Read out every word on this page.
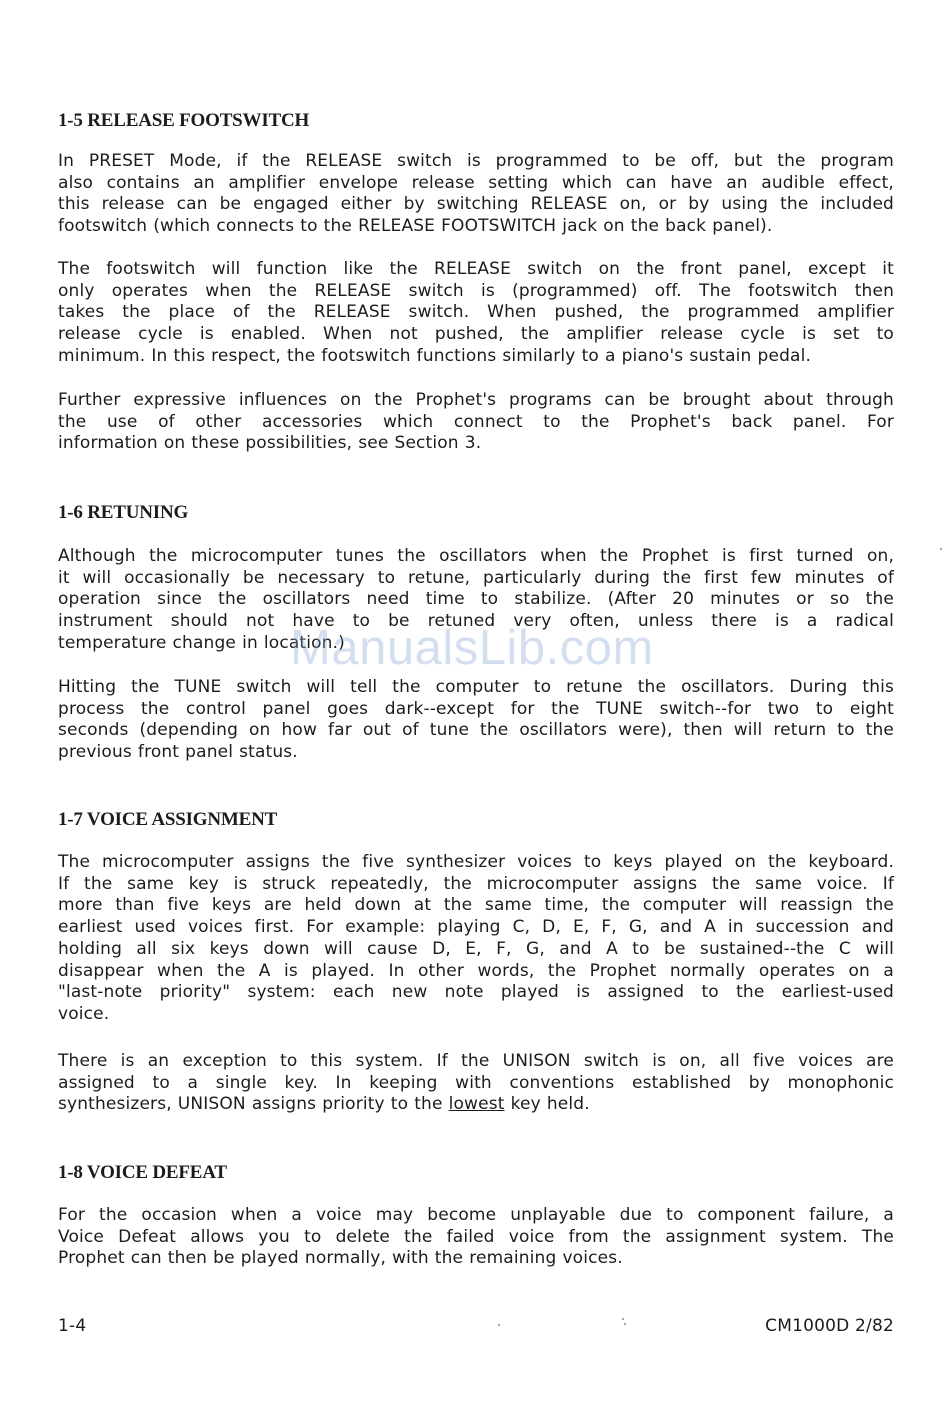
1-5 RELEASE FOOTSWITCH

In PRESET Mode, if the RELEASE switch is programmed to be off, but the program
also contains an amplifier envelope release setting which can have an audible effect,
this release can be engaged either by switching RELEASE on, or by using the included
footswitch (which connects to the RELEASE FOOTSWITCH jack on the back panel).

The footswitch will function like the RELEASE switch on the front panel, except it
only operates when the RELEASE switch is (programmed) off. The footswitch then
takes the place of the RELEASE switch. When pushed, the programmed amplifier
release cycle is enabled. When not pushed, the amplifier release cycle is set to
minimum. In this respect, the footswitch functions similarly to a piano's sustain pedal.

Further expressive influences on the Prophet's programs can be brought about through
the use of other accessories which connect to the Prophet's back panel. For
information on these possibilities, see Section 3.

1-6 RETUNING

Although the microcomputer tunes the oscillators when the Prophet is first turned on,
it will occasionally be necessary to retune, particularly during the first few minutes of
operation since the oscillators need time to stabilize. (After 20 minutes or so the
instrument should not have to be retuned very often, unless there is a radical
temperature change in location.)

Hitting the TUNE switch will tell the computer to retune the oscillators. During this
process the control panel goes dark--except for the TUNE switch--for two to eight
seconds (depending on how far out of tune the oscillators were), then will return to the
previous front panel status.

1-7 VOICE ASSIGNMENT

The microcomputer assigns the five synthesizer voices to keys played on the keyboard.
If the same key is struck repeatedly, the microcomputer assigns the same voice. If
more than five keys are held down at the same time, the computer will reassign the
earliest used voices first. For example: playing C, D, E, F, G, and A in succession and
holding all six keys down will cause D, E, F, G, and A to be sustained--the C will
disappear when the A is played. In other words, the Prophet normally operates on a
"last-note priority" system: each new note played is assigned to the earliest-used
voice.

There is an exception to this system. If the UNISON switch is on, all five voices are
assigned to a single key. In keeping with conventions established by monophonic
synthesizers, UNISON assigns priority to the lowest key held.

1-8 VOICE DEFEAT

For the occasion when a voice may become unplayable due to component failure, a
Voice Defeat allows you to delete the failed voice from the assignment system. The
Prophet can then be played normally, with the remaining voices.

1-4	CM1000D 2/82
ManualsLib.com
